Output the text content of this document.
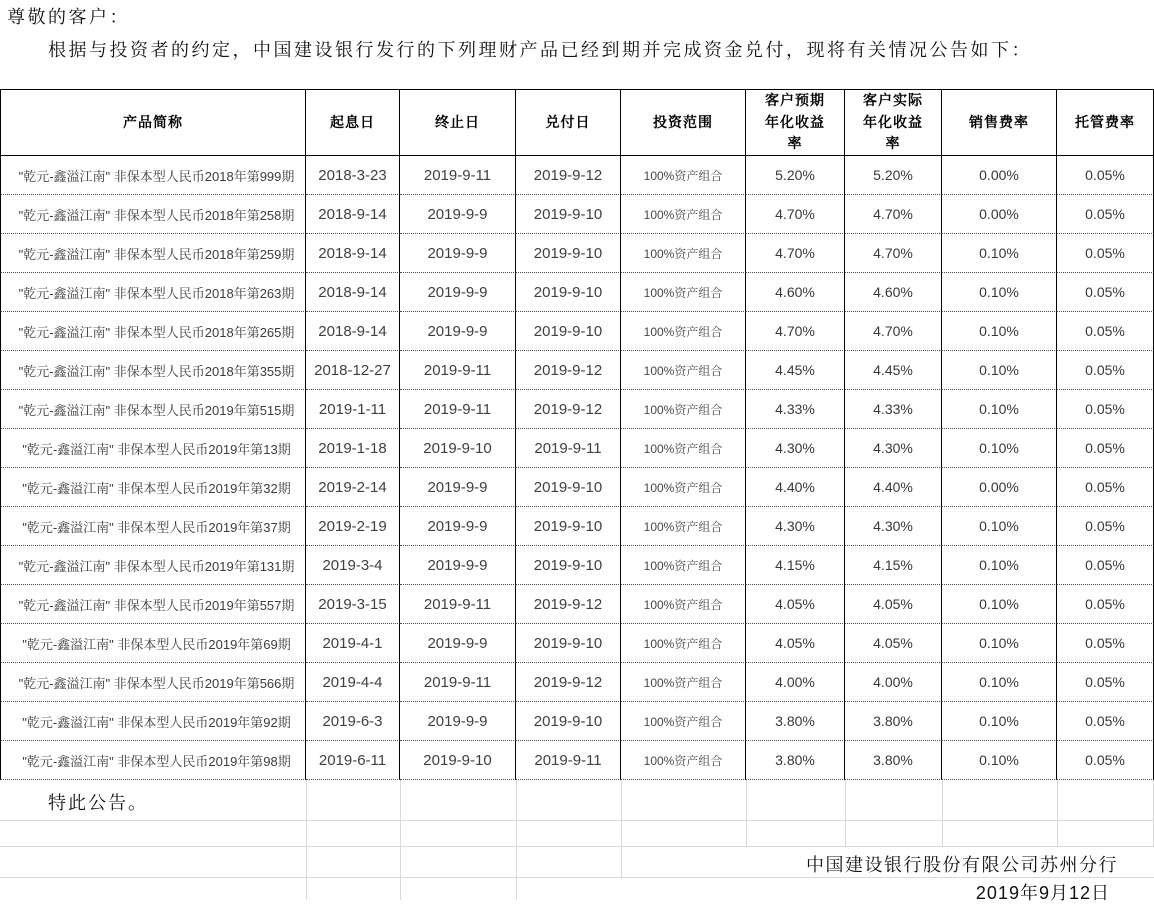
尊敬的客户：
根据与投资者的约定，中国建设银行发行的下列理财产品已经到期并完成资金兑付，现将有关情况公告如下：
产品简称	起息日	终止日	兑付日	投资范围	客户预期年化收益率	客户实际年化收益率	销售费率	托管费率
"乾元-鑫溢江南" 非保本型人民币2018年第999期	2018-3-23	2019-9-11	2019-9-12	100%资产组合	5.20%	5.20%	0.00%	0.05%
"乾元-鑫溢江南" 非保本型人民币2018年第258期	2018-9-14	2019-9-9	2019-9-10	100%资产组合	4.70%	4.70%	0.00%	0.05%
"乾元-鑫溢江南" 非保本型人民币2018年第259期	2018-9-14	2019-9-9	2019-9-10	100%资产组合	4.70%	4.70%	0.10%	0.05%
"乾元-鑫溢江南" 非保本型人民币2018年第263期	2018-9-14	2019-9-9	2019-9-10	100%资产组合	4.60%	4.60%	0.10%	0.05%
"乾元-鑫溢江南" 非保本型人民币2018年第265期	2018-9-14	2019-9-9	2019-9-10	100%资产组合	4.70%	4.70%	0.10%	0.05%
"乾元-鑫溢江南" 非保本型人民币2018年第355期	2018-12-27	2019-9-11	2019-9-12	100%资产组合	4.45%	4.45%	0.10%	0.05%
"乾元-鑫溢江南" 非保本型人民币2019年第515期	2019-1-11	2019-9-11	2019-9-12	100%资产组合	4.33%	4.33%	0.10%	0.05%
"乾元-鑫溢江南" 非保本型人民币2019年第13期	2019-1-18	2019-9-10	2019-9-11	100%资产组合	4.30%	4.30%	0.10%	0.05%
"乾元-鑫溢江南" 非保本型人民币2019年第32期	2019-2-14	2019-9-9	2019-9-10	100%资产组合	4.40%	4.40%	0.00%	0.05%
"乾元-鑫溢江南" 非保本型人民币2019年第37期	2019-2-19	2019-9-9	2019-9-10	100%资产组合	4.30%	4.30%	0.10%	0.05%
"乾元-鑫溢江南" 非保本型人民币2019年第131期	2019-3-4	2019-9-9	2019-9-10	100%资产组合	4.15%	4.15%	0.10%	0.05%
"乾元-鑫溢江南" 非保本型人民币2019年第557期	2019-3-15	2019-9-11	2019-9-12	100%资产组合	4.05%	4.05%	0.10%	0.05%
"乾元-鑫溢江南" 非保本型人民币2019年第69期	2019-4-1	2019-9-9	2019-9-10	100%资产组合	4.05%	4.05%	0.10%	0.05%
"乾元-鑫溢江南" 非保本型人民币2019年第566期	2019-4-4	2019-9-11	2019-9-12	100%资产组合	4.00%	4.00%	0.10%	0.05%
"乾元-鑫溢江南" 非保本型人民币2019年第92期	2019-6-3	2019-9-9	2019-9-10	100%资产组合	3.80%	3.80%	0.10%	0.05%
"乾元-鑫溢江南" 非保本型人民币2019年第98期	2019-6-11	2019-9-10	2019-9-11	100%资产组合	3.80%	3.80%	0.10%	0.05%
特此公告。
中国建设银行股份有限公司苏州分行
2019年9月12日
